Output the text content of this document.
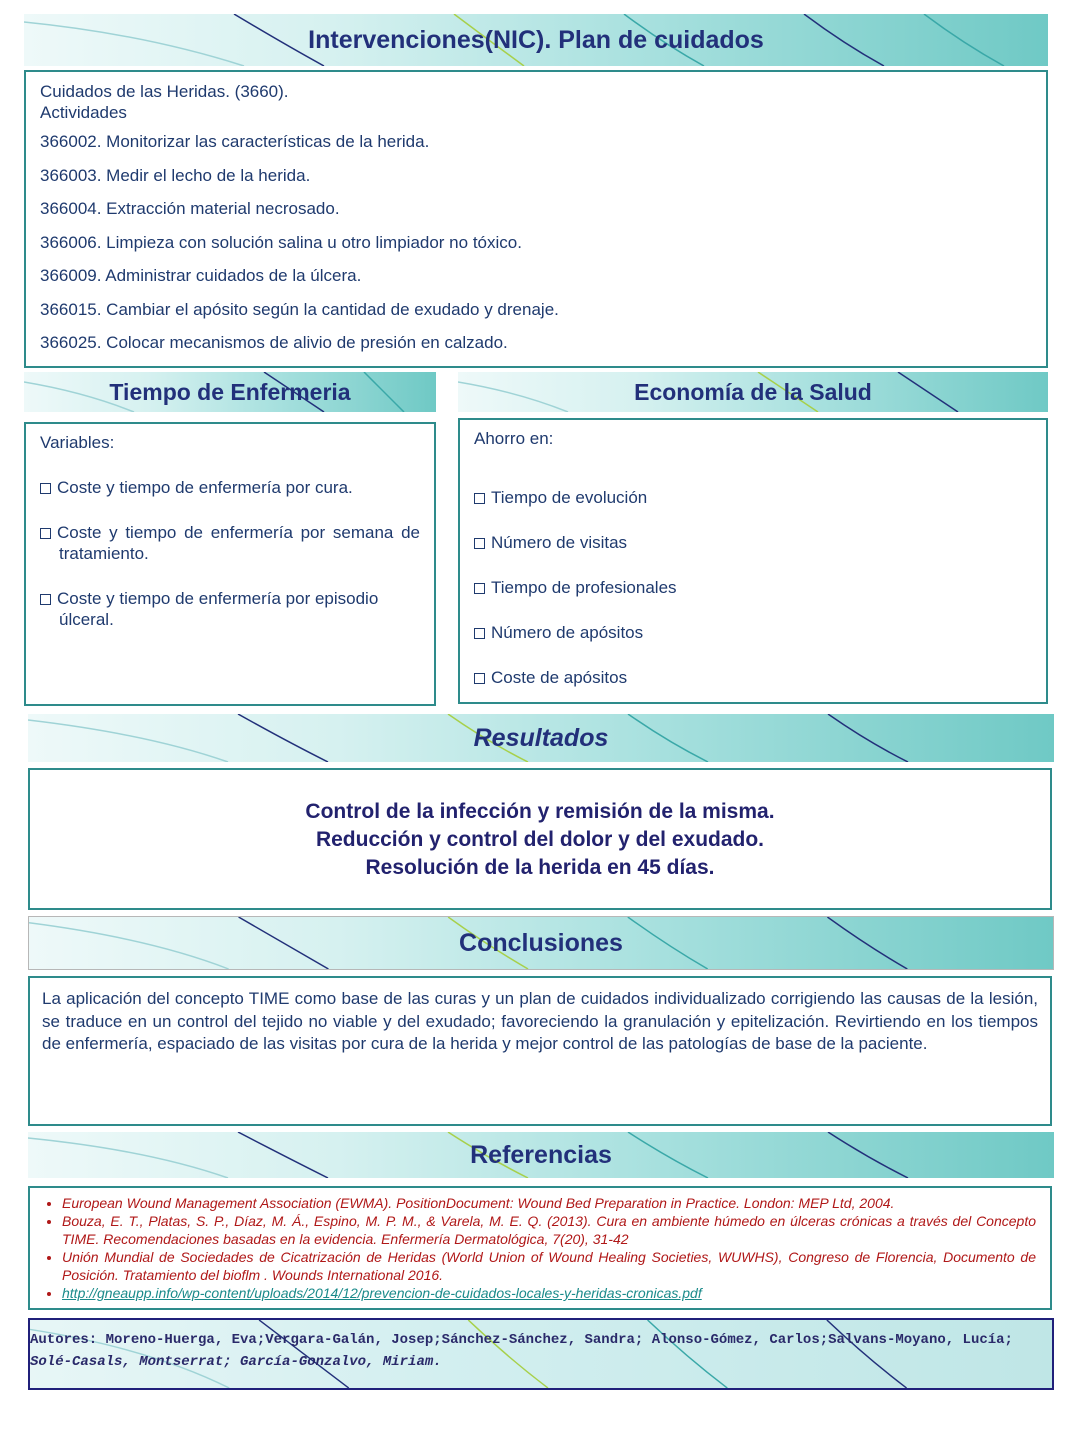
Intervenciones(NIC). Plan de cuidados

Cuidados de las Heridas. (3660).

Actividades

366002. Monitorizar las características de la herida.

366003. Medir el lecho de la herida.

366004. Extracción material necrosado.

366006. Limpieza con solución salina u otro limpiador no tóxico.

366009. Administrar cuidados de la úlcera.

366015. Cambiar el apósito según la cantidad de exudado y drenaje.

366025. Colocar mecanismos de alivio de presión en calzado.

Tiempo de Enfermeria

Variables:

Coste y tiempo de enfermería por cura.
Coste y tiempo de enfermería por semana de tratamiento.
Coste y tiempo de enfermería por episodio úlceral.
Economía de la Salud

Ahorro en:

Tiempo de evolución
Número de visitas
Tiempo de profesionales
Número de apósitos
Coste de apósitos
Resultados
Control de la infección y remisión de la misma.
Reducción y control del dolor y del exudado.
Resolución de la herida en 45 días.
Conclusiones

La aplicación del concepto TIME como base de las curas y un plan de cuidados individualizado corrigiendo las causas de la lesión, se traduce en un control del tejido no viable y del exudado; favoreciendo la granulación y epitelización. Revirtiendo en los tiempos de enfermería, espaciado de las visitas por cura de la herida y mejor control de las patologías de base de la paciente.

Referencias
• European Wound Management Association (EWMA). PositionDocument: Wound Bed Preparation in Practice. London: MEP Ltd, 2004.
• Bouza, E. T., Platas, S. P., Díaz, M. Á., Espino, M. P. M., & Varela, M. E. Q. (2013). Cura en ambiente húmedo en úlceras crónicas a través del Concepto TIME. Recomendaciones basadas en la evidencia. Enfermería Dermatológica, 7(20), 31-42
• Unión Mundial de Sociedades de Cicatrización de Heridas (World Union of Wound Healing Societies, WUWHS), Congreso de Florencia, Documento de Posición. Tratamiento del bioflm . Wounds International 2016.
• http://gneaupp.info/wp-content/uploads/2014/12/prevencion-de-cuidados-locales-y-heridas-cronicas.pdf
Autores: Moreno-Huerga, Eva;Vergara-Galán, Josep;Sánchez-Sánchez, Sandra; Alonso-Gómez, Carlos;Salvans-Moyano, Lucía;
Solé-Casals, Montserrat; García-Gonzalvo, Miriam.
